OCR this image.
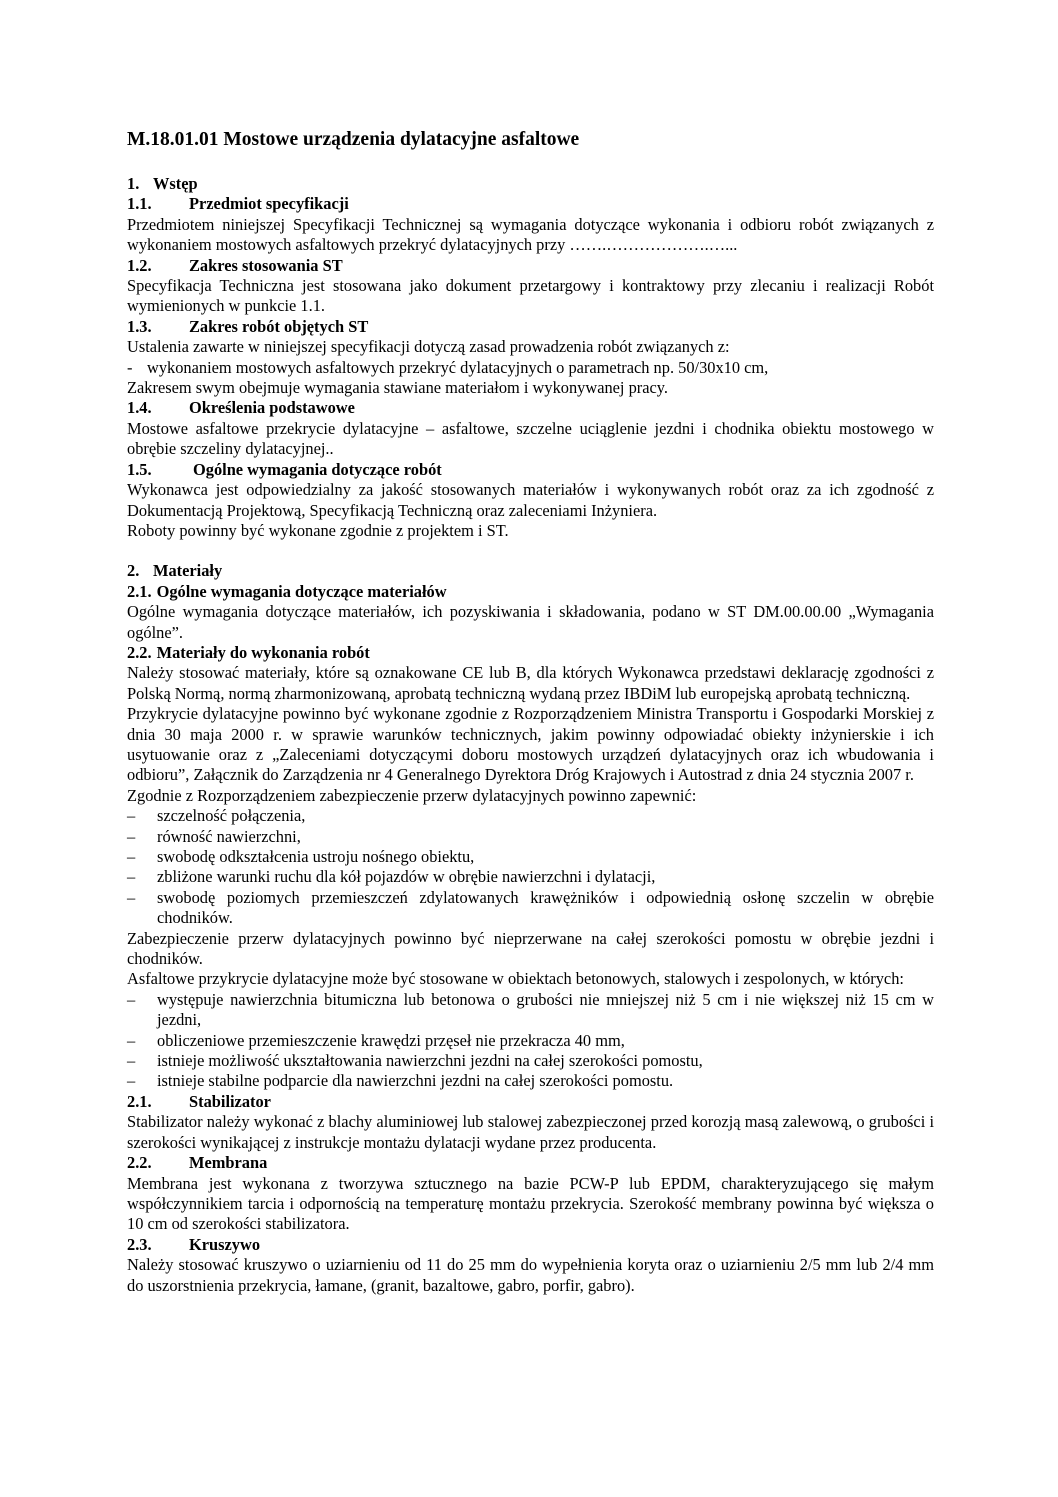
M.18.01.01 Mostowe urządzenia dylatacyjne asfaltowe
1. Wstęp
1.1.	Przedmiot specyfikacji
Przedmiotem niniejszej Specyfikacji Technicznej są wymagania dotyczące wykonania i odbioru robót związanych z wykonaniem mostowych asfaltowych przekryć dylatacyjnych przy …….……………….…...
1.2.	Zakres stosowania ST
Specyfikacja Techniczna jest stosowana jako dokument przetargowy i kontraktowy przy zlecaniu i realizacji Robót wymienionych w punkcie 1.1.
1.3.	Zakres robót objętych ST
Ustalenia zawarte w niniejszej specyfikacji dotyczą zasad prowadzenia robót związanych z:
- wykonaniem mostowych asfaltowych przekryć dylatacyjnych o parametrach np. 50/30x10 cm,
Zakresem swym obejmuje wymagania stawiane materiałom i wykonywanej pracy.
1.4.	Określenia podstawowe
Mostowe asfaltowe przekrycie dylatacyjne – asfaltowe, szczelne uciąglenie jezdni i chodnika obiektu mostowego w obrębie szczeliny dylatacyjnej..
1.5.	Ogólne wymagania dotyczące robót
Wykonawca jest odpowiedzialny za jakość stosowanych materiałów i wykonywanych robót oraz za ich zgodność z Dokumentacją Projektową, Specyfikacją Techniczną oraz zaleceniami Inżyniera.
Roboty powinny być wykonane zgodnie z projektem i ST.
2. Materiały
2.1. Ogólne wymagania dotyczące materiałów
Ogólne wymagania dotyczące materiałów, ich pozyskiwania i składowania, podano w ST DM.00.00.00 „Wymagania ogólne”.
2.2. Materiały do wykonania robót
Należy stosować materiały, które są oznakowane CE lub B, dla których Wykonawca przedstawi deklarację zgodności z Polską Normą, normą zharmonizowaną, aprobatą techniczną wydaną przez IBDiM lub europejską aprobatą techniczną.
Przykrycie dylatacyjne powinno być wykonane zgodnie z Rozporządzeniem Ministra Transportu i Gospodarki Morskiej z dnia 30 maja 2000 r. w sprawie warunków technicznych, jakim powinny odpowiadać obiekty inżynierskie i ich usytuowanie oraz z „Zaleceniami dotyczącymi doboru mostowych urządzeń dylatacyjnych oraz ich wbudowania i odbioru”, Załącznik do Zarządzenia nr 4 Generalnego Dyrektora Dróg Krajowych i Autostrad z dnia 24 stycznia 2007 r.
Zgodnie z Rozporządzeniem zabezpieczenie przerw dylatacyjnych powinno zapewnić:
–	szczelność połączenia,
–	równość nawierzchni,
–	swobodę odkształcenia ustroju nośnego obiektu,
–	zbliżone warunki ruchu dla kół pojazdów w obrębie nawierzchni i dylatacji,
–	swobodę poziomych przemieszczeń zdylatowanych krawężników i odpowiednią osłonę szczelin w obrębie chodników.
Zabezpieczenie przerw dylatacyjnych powinno być nieprzerwane na całej szerokości pomostu w obrębie jezdni i chodników.
Asfaltowe przykrycie dylatacyjne może być stosowane w obiektach betonowych, stalowych i zespolonych, w których:
–	występuje nawierzchnia bitumiczna lub betonowa o grubości nie mniejszej niż 5 cm i nie większej niż 15 cm w jezdni,
–	obliczeniowe przemieszczenie krawędzi przęseł nie przekracza 40 mm,
–	istnieje możliwość ukształtowania nawierzchni jezdni na całej szerokości pomostu,
–	istnieje stabilne podparcie dla nawierzchni jezdni na całej szerokości pomostu.
2.1.	Stabilizator
Stabilizator należy wykonać z blachy aluminiowej lub stalowej zabezpieczonej przed korozją masą zalewową, o grubości i szerokości wynikającej z instrukcje montażu dylatacji wydane przez producenta.
2.2.	Membrana
Membrana jest wykonana z tworzywa sztucznego na bazie PCW-P lub EPDM, charakteryzującego się małym współczynnikiem tarcia i odpornością na temperaturę montażu przekrycia. Szerokość membrany powinna być większa o 10 cm od szerokości stabilizatora.
2.3.	Kruszywo
Należy stosować kruszywo o uziarnieniu od 11 do 25 mm do wypełnienia koryta oraz o uziarnieniu 2/5 mm lub 2/4 mm do uszorstnienia przekrycia, łamane, (granit, bazaltowe, gabro, porfir, gabro).
